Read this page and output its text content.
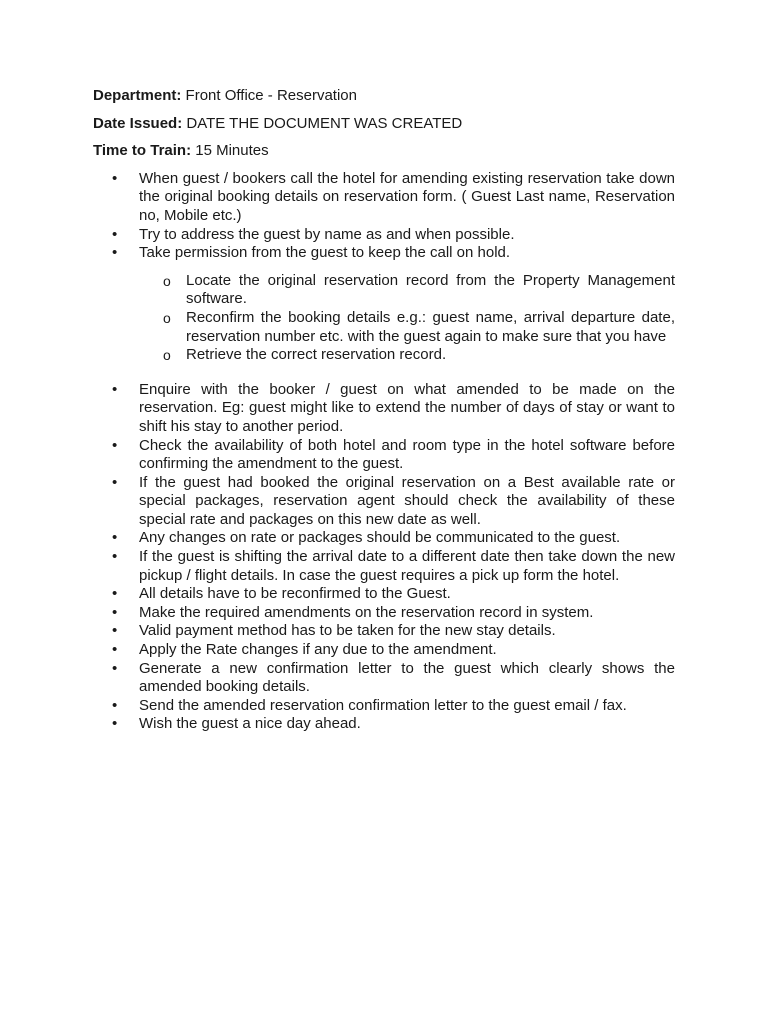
Department: Front Office - Reservation
Date Issued: DATE THE DOCUMENT WAS CREATED
Time to Train: 15 Minutes
• When guest / bookers call the hotel for amending existing reservation take down the original booking details on reservation form. ( Guest Last name, Reservation no, Mobile etc.)
• Try to address the guest by name as and when possible.
• Take permission from the guest to keep the call on hold.
o Locate the original reservation record from the Property Management software.
o Reconfirm the booking details e.g.: guest name, arrival departure date, reservation number etc. with the guest again to make sure that you have
o Retrieve the correct reservation record.
• Enquire with the booker / guest on what amended to be made on the reservation. Eg: guest might like to extend the number of days of stay or want to shift his stay to another period.
• Check the availability of both hotel and room type in the hotel software before confirming the amendment to the guest.
• If the guest had booked the original reservation on a Best available rate or special packages, reservation agent should check the availability of these special rate and packages on this new date as well.
• Any changes on rate or packages should be communicated to the guest.
• If the guest is shifting the arrival date to a different date then take down the new pickup / flight details. In case the guest requires a pick up form the hotel.
• All details have to be reconfirmed to the Guest.
• Make the required amendments on the reservation record in system.
• Valid payment method has to be taken for the new stay details.
• Apply the Rate changes if any due to the amendment.
• Generate a new confirmation letter to the guest which clearly shows the amended booking details.
• Send the amended reservation confirmation letter to the guest email / fax.
• Wish the guest a nice day ahead.
